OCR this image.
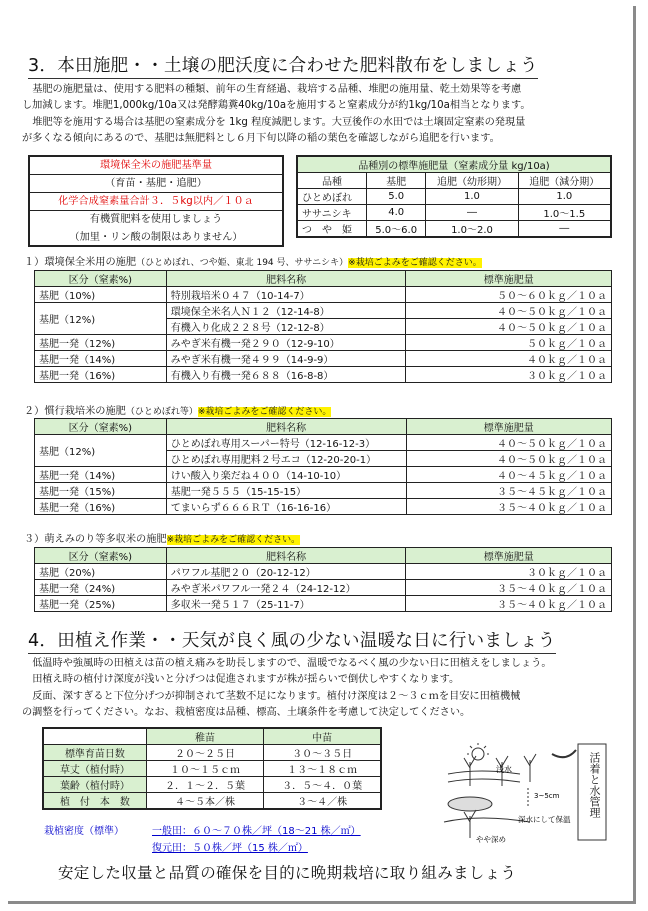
3．本田施肥・・土壌の肥沃度に合わせた肥料散布をしましょう

基肥の施肥量は、使用する肥料の種類、前年の生育経過、栽培する品種、堆肥の施用量、乾土効果等を考慮

し加減します。堆肥1,000kg/10a又は発酵鶏糞40kg/10aを施用すると窒素成分が約1kg/10a相当となります。

堆肥等を施用する場合は基肥の窒素成分を 1kg 程度減肥します。大豆後作の水田では土壌固定窒素の発現量

が多くなる傾向にあるので、基肥は無肥料とし６月下旬以降の稲の葉色を確認しながら追肥を行います。

環境保全米の施肥基準量
（育苗・基肥・追肥）
化学合成窒素量合計３．５kg以内／１０ａ
有機質肥料を使用しましょう
（加里・リン酸の制限はありません）
品種別の標準施肥量（窒素成分量 kg/10a)			
品種	基肥	追肥（幼形期）	追肥（減分期）
ひとめぼれ	5.0	1.0	1.0
ササニシキ	4.0	―	1.0～1.5
つ　や　姫	5.0～6.0	1.0～2.0	―
１）環境保全米用の施肥（ひとめぼれ、つや姫、東北 194 号、ササニシキ）※栽培ごよみをご確認ください。
区分（窒素%)	肥料名称	標準施肥量
基肥（10%)	特別栽培米０４７（10-14-7）	５０～６０ｋｇ／１０ａ
基肥（12%)	環境保全米名人Ｎ１２（12-14-8）	４０～５０ｋｇ／１０ａ
	有機入り化成２２８号（12-12-8）	４０～５０ｋｇ／１０ａ
基肥一発（12%)	みやぎ米有機一発２９０（12-9-10）	５０ｋｇ／１０ａ
基肥一発（14%)	みやぎ米有機一発４９９（14-9-9）	４０ｋｇ／１０ａ
基肥一発（16%)	有機入り有機一発６８８（16-8-8）	３０ｋｇ／１０ａ
２）慣行栽培米の施肥（ひとめぼれ等）※栽培ごよみをご確認ください。
区分（窒素%)	肥料名称	標準施肥量
基肥（12%)	ひとめぼれ専用スーパー特号（12-16-12-3）	４０～５０ｋｇ／１０ａ
	ひとめぼれ専用肥料２号エコ（12-20-20-1）	４０～５０ｋｇ／１０ａ
基肥一発（14%)	けい酸入り楽だね４００（14-10-10）	４０～４５ｋｇ／１０ａ
基肥一発（15%)	基肥一発５５５（15-15-15）	３５～４５ｋｇ／１０ａ
基肥一発（16%)	てまいらず６６６ＲＴ（16-16-16）	３５～４０ｋｇ／１０ａ
３）萌えみのり等多収米の施肥※栽培ごよみをご確認ください。
区分（窒素%)	肥料名称	標準施肥量
基肥（20%)	パワフル基肥２０（20-12-12）	３０ｋｇ／１０ａ
基肥一発（24%)	みやぎ米パワフル一発２４（24-12-12）	３５～４０ｋｇ／１０ａ
基肥一発（25%)	多収米一発５１７（25-11-7）	３５～４０ｋｇ／１０ａ
4．田植え作業・・天気が良く風の少ない温暖な日に行いましょう

低温時や強風時の田植えは苗の植え痛みを助長しますので、温暖でなるべく風の少ない日に田植えをしましょう。

田植え時の植付け深度が浅いと分げつは促進されますが株が揺らいで倒伏しやすくなります。

反面、深すぎると下位分げつが抑制されて茎数不足になります。植付け深度は２～３ｃｍを目安に田植機械

の調整を行ってください。なお、栽植密度は品種、標高、土壌条件を考慮して決定してください。

	稚苗	中苗
標準育苗日数	２０～２５日	３０～３５日
草丈（植付時）	１０～１５ｃｍ	１３～１８ｃｍ
葉齢（植付時）	２．１～２．５葉	３．５～４．０葉
植　付　本　数	４～５本／株	３～４／株
栽植密度（標準）	一般田：６０～７０株／坪（18～21 株／㎡）
復元田：５０株／坪（15 株／㎡）
浅水
3~5cm
深水にして保温
やや深め
活着と水管理
安定した収量と品質の確保を目的に晩期栽培に取り組みましょう
